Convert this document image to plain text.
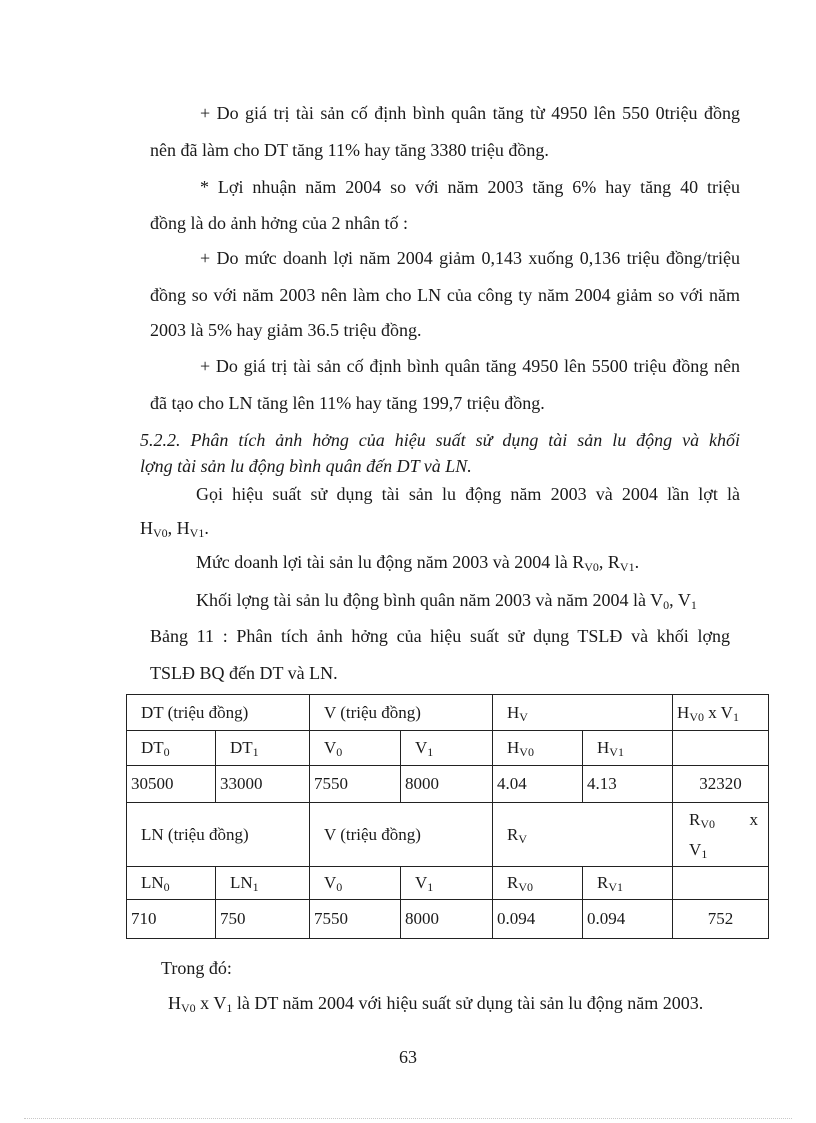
+ Do giá trị tài sản cố định bình quân tăng từ 4950 lên 550 0triệu đồng
nên đã làm cho DT tăng 11% hay tăng 3380 triệu đồng.
* Lợi nhuận năm 2004 so với năm 2003 tăng 6% hay tăng 40 triệu
đồng là do ảnh hởng của 2 nhân tố :
+ Do mức doanh lợi năm 2004 giảm 0,143 xuống 0,136 triệu đồng/triệu
đồng so với năm 2003 nên làm cho LN của công ty năm 2004 giảm so với năm
2003 là 5% hay giảm 36.5 triệu đồng.
+ Do giá trị tài sản cố định bình quân tăng 4950 lên 5500 triệu đồng nên
đã tạo cho LN tăng lên 11% hay tăng 199,7 triệu đồng.
5.2.2. Phân tích ảnh hởng của hiệu suất sử dụng tài sản lu động và khối
lợng tài sản lu động bình quân đến DT và LN.
Gọi hiệu suất sử dụng tài sản lu động năm 2003 và 2004 lần lợt là
$H_{V0}$, $H_{V1}$.
Mức doanh lợi tài sản lu động năm 2003 và 2004 là $R_{V0}$, $R_{V1}$.
Khối lợng tài sản lu động bình quân năm 2003 và năm 2004 là $V_0$, $V_1$
Bảng 11 : Phân tích ảnh hởng của hiệu suất sử dụng TSLĐ và khối lợng
TSLĐ BQ đến DT và LN.
DT (triệu đồng)		V (triệu đồng)		$H_V$		$H_{V0}$ x $V_1$
$DT_0$	$DT_1$	$V_0$	$V_1$	$H_{V0}$	$H_{V1}$	
30500	33000	7550	8000	4.04	4.13	32320
LN (triệu đồng)		V (triệu đồng)		$R_V$		$R_{V0}$ x
$V_1$

$LN_0$	$LN_1$	$V_0$	$V_1$	$R_{V0}$	$R_{V1}$	
710	750	7550	8000	0.094	0.094	752
Trong đó:
$H_{V0}$ x $V_1$ là DT năm 2004 với hiệu suất sử dụng tài sản lu động năm 2003.
63
